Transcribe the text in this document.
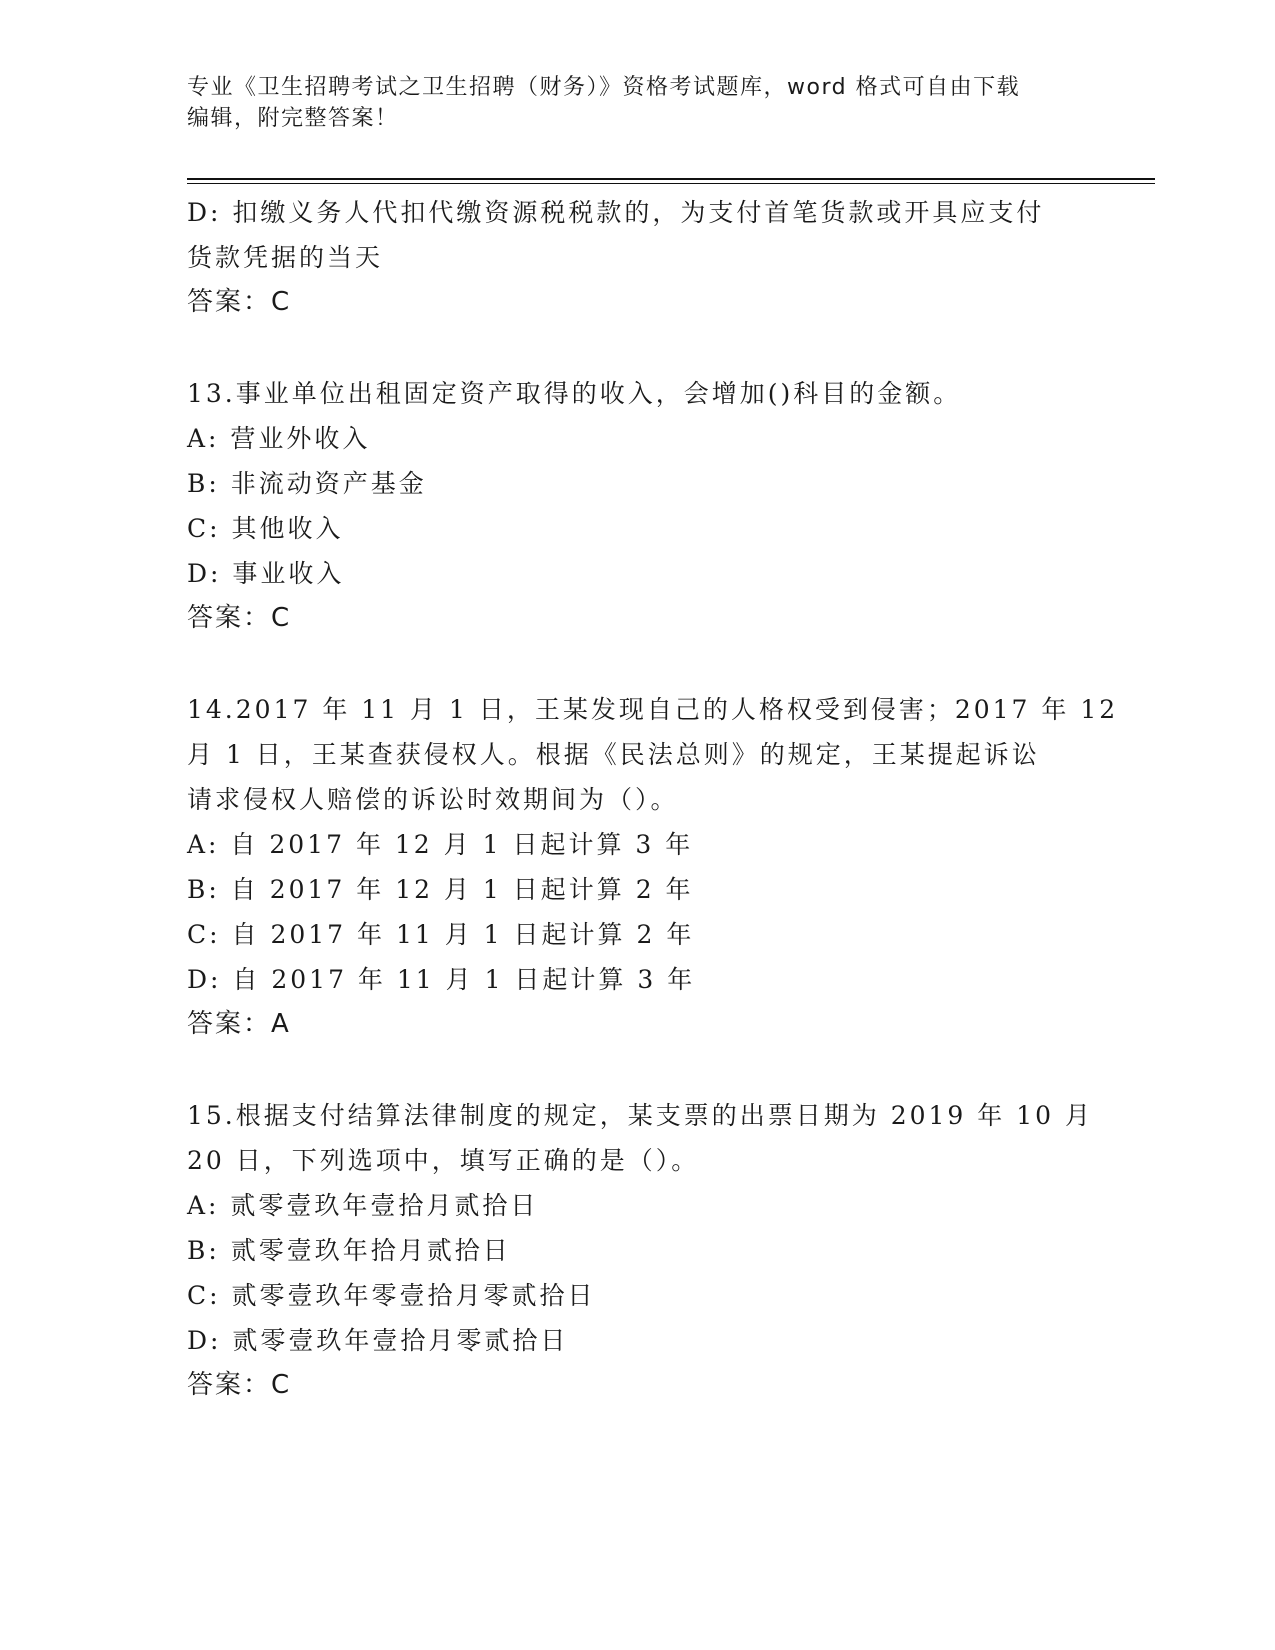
专业《卫生招聘考试之卫生招聘（财务）》资格考试题库，word 格式可自由下载
编辑，附完整答案！
D: 扣缴义务人代扣代缴资源税税款的，为支付首笔货款或开具应支付
货款凭据的当天
答案：C
13.事业单位出租固定资产取得的收入，会增加()科目的金额。
A: 营业外收入
B: 非流动资产基金
C: 其他收入
D: 事业收入
答案：C
14.2017 年 11 月 1 日，王某发现自己的人格权受到侵害；2017 年 12
月 1 日，王某查获侵权人。根据《民法总则》的规定，王某提起诉讼
请求侵权人赔偿的诉讼时效期间为（）。
A: 自 2017 年 12 月 1 日起计算 3 年
B: 自 2017 年 12 月 1 日起计算 2 年
C: 自 2017 年 11 月 1 日起计算 2 年
D: 自 2017 年 11 月 1 日起计算 3 年
答案：A
15.根据支付结算法律制度的规定，某支票的出票日期为 2019 年 10 月
20 日，下列选项中，填写正确的是（）。
A: 贰零壹玖年壹拾月贰拾日
B: 贰零壹玖年拾月贰拾日
C: 贰零壹玖年零壹拾月零贰拾日
D: 贰零壹玖年壹拾月零贰拾日
答案：C
